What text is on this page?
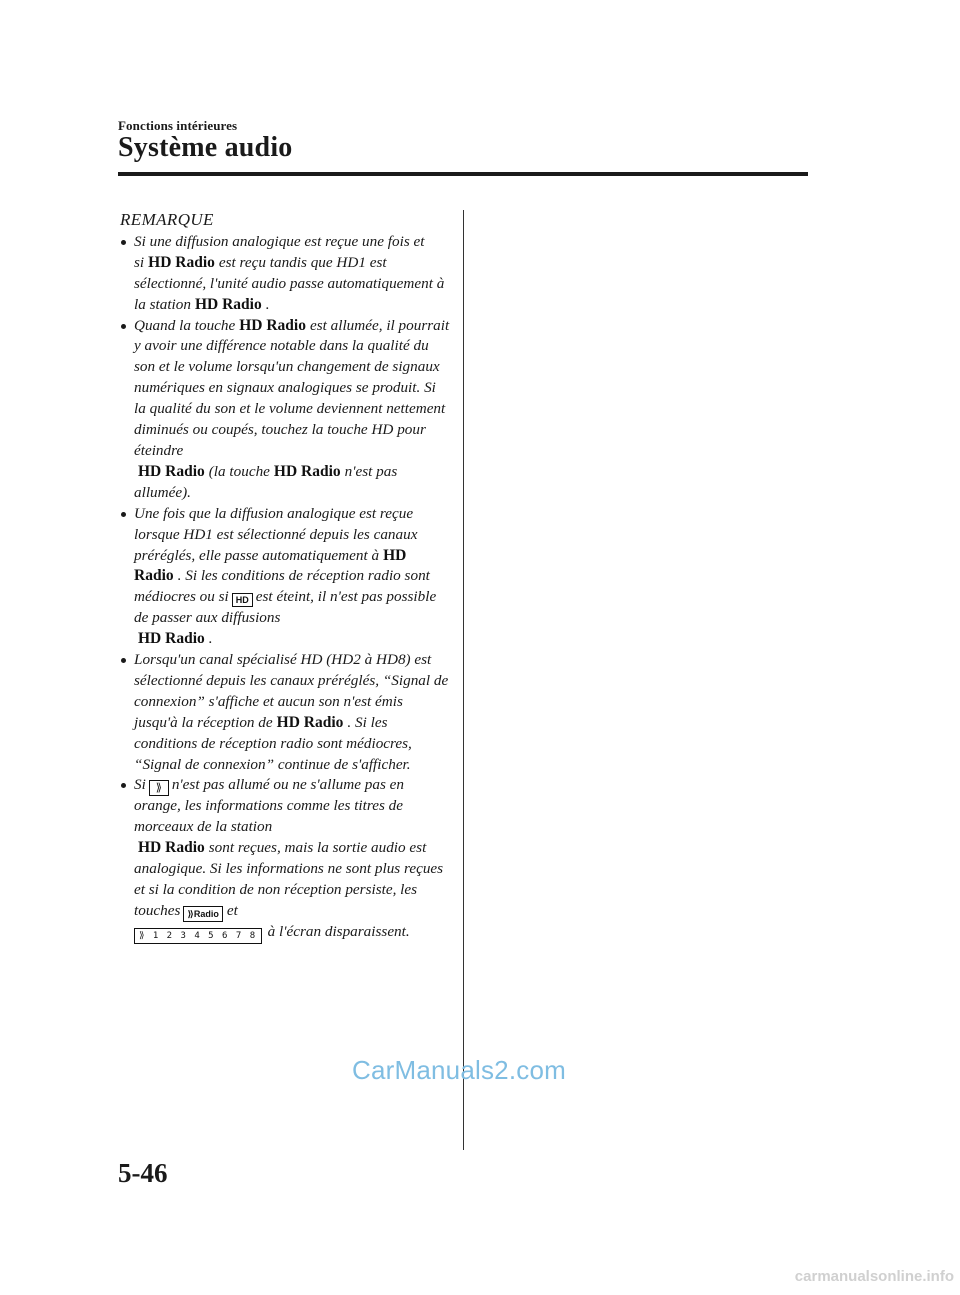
Fonctions intérieures
Système audio
REMARQUE
Si une diffusion analogique est reçue une fois et si HD Radio est reçu tandis que HD1 est sélectionné, l'unité audio passe automatiquement à la station HD Radio .
Quand la touche HD Radio est allumée, il pourrait y avoir une différence notable dans la qualité du son et le volume lorsqu'un changement de signaux numériques en signaux analogiques se produit. Si la qualité du son et le volume deviennent nettement diminués ou coupés, touchez la touche HD pour éteindre
HD Radio (la touche HD Radio n'est pas allumée).
Une fois que la diffusion analogique est reçue lorsque HD1 est sélectionné depuis les canaux préréglés, elle passe automatiquement à HD Radio . Si les conditions de réception radio sont médiocres ou si HD est éteint, il n'est pas possible de passer aux diffusions
HD Radio .
Lorsqu'un canal spécialisé HD (HD2 à HD8) est sélectionné depuis les canaux préréglés, “Signal de connexion” s'affiche et aucun son n'est émis jusqu'à la réception de HD Radio . Si les conditions de réception radio sont médiocres, “Signal de connexion” continue de s'afficher.
Si ⟫ n'est pas allumé ou ne s'allume pas en orange, les informations comme les titres de morceaux de la station
HD Radio sont reçues, mais la sortie audio est analogique. Si les informations ne sont plus reçues et si la condition de non réception persiste, les touches ⟫Radio et
⟫ 1 2 3 4 5 6 7 8 à l'écran disparaissent.
CarManuals2.com
5-46
carmanualsonline.info
